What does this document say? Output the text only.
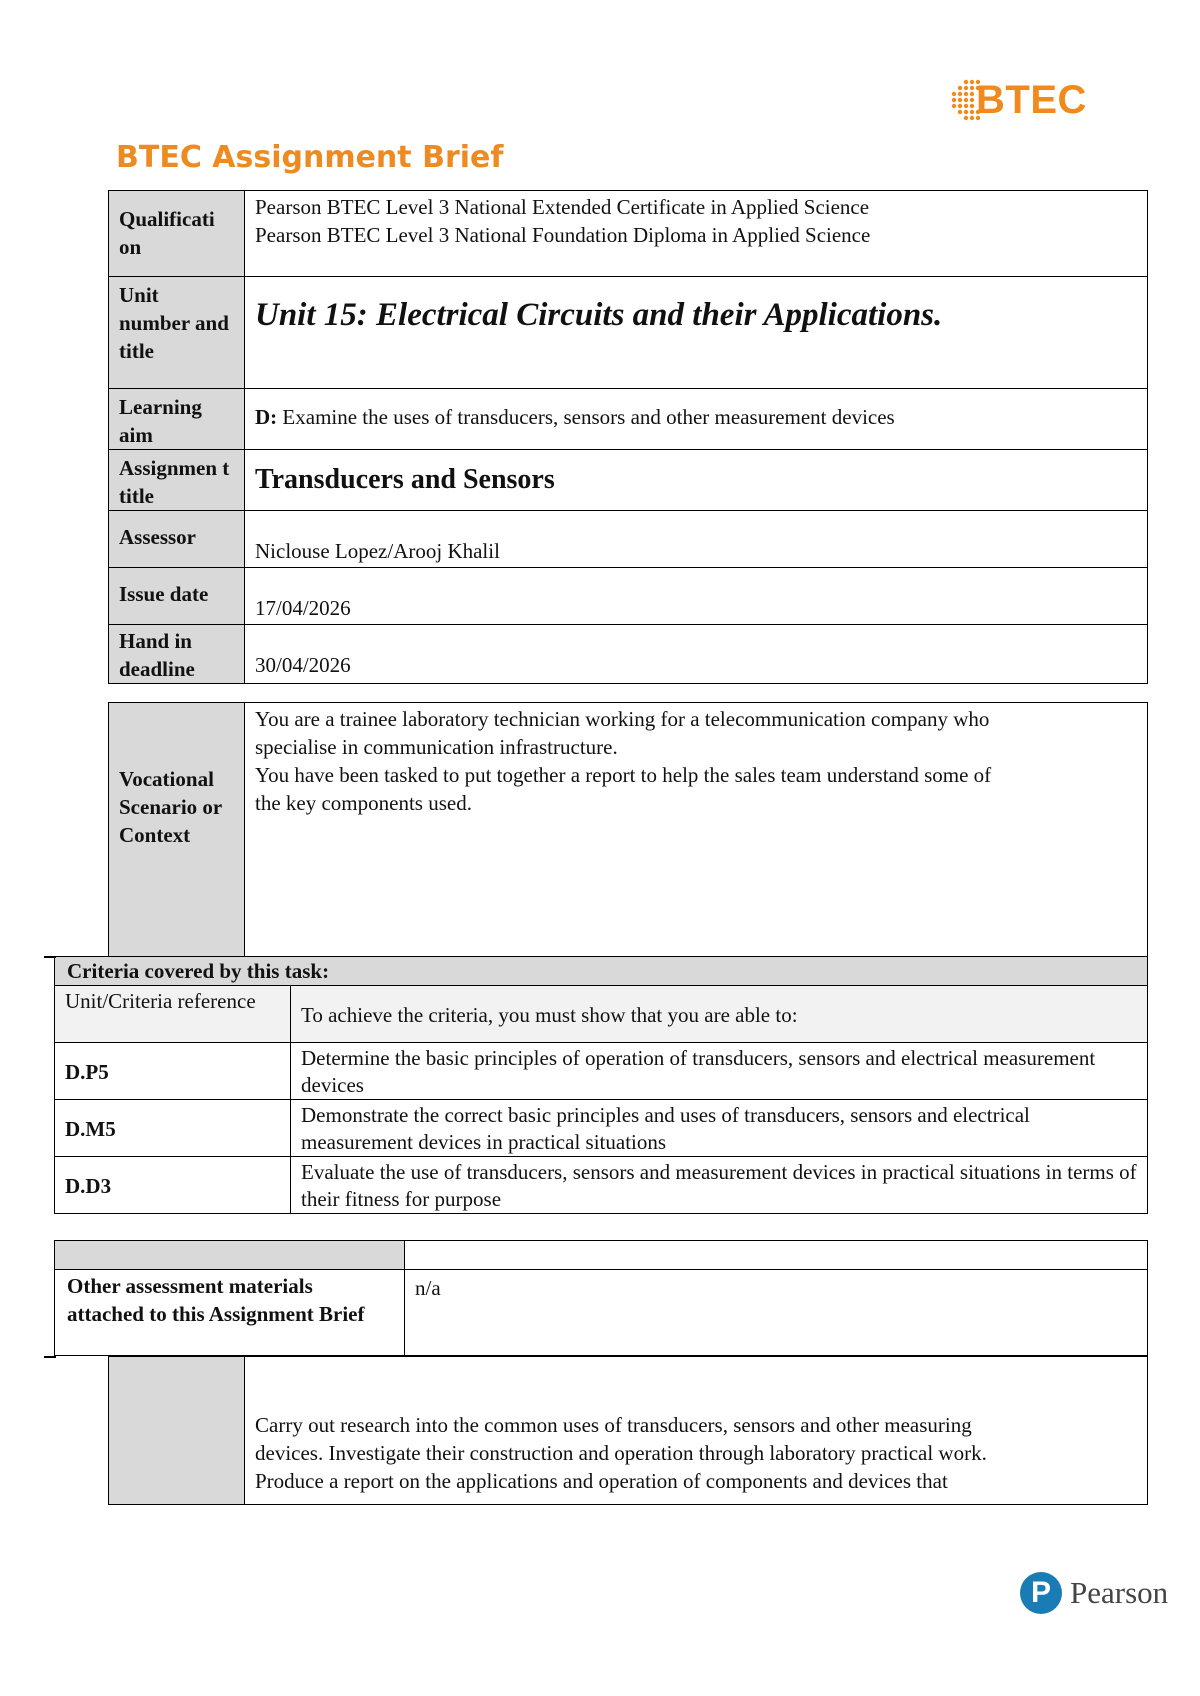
BTEC
BTEC Assignment Brief
Qualificati on	Pearson BTEC Level 3 National Extended Certificate in Applied Science
Pearson BTEC Level 3 National Foundation Diploma in Applied Science

Unit number and title	Unit 15: Electrical Circuits and their Applications.
Learning aim	D: Examine the uses of transducers, sensors and other measurement devices
Assignmen t title	Transducers and Sensors

Assessor	Niclouse Lopez/Arooj Khalil
Issue date	17/04/2026
Hand in deadline	30/04/2026
Vocational Scenario or Context	
You are a trainee laboratory technician working for a telecommunication company who
specialise in communication infrastructure.
You have been tasked to put together a report to help the sales team understand some of
the key components used.
Criteria covered by this task:
Unit/Criteria reference	To achieve the criteria, you must show that you are able to:
D.P5	Determine the basic principles of operation of transducers, sensors and electrical measurement devices
D.M5	Demonstrate the correct basic principles and uses of transducers, sensors and electrical measurement devices in practical situations
D.D3	Evaluate the use of transducers, sensors and measurement devices in practical situations in terms of their fitness for purpose

Other assessment materials attached to this Assignment Brief	n/a

Carry out research into the common uses of transducers, sensors and other measuring
devices. Investigate their construction and operation through laboratory practical work.
Produce a report on the applications and operation of components and devices that
P Pearson
